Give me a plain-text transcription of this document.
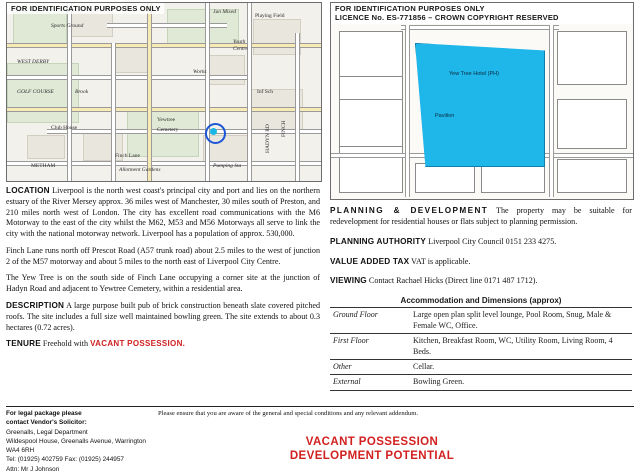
Jun Mixed
Playing Field
Youth
Centre
WEST DERBY
GOLF COURSE
Club House
Yewtree
Cemetery
Brook
Finch Lane
METHAM
Inf Sch
HADYN RD FINCH
Works
Sports Ground
Allotment Gardens
Pumping Sta
FOR IDENTIFICATION PURPOSES ONLY

LOCATION Liverpool is the north west coast's principal city and port and lies on the northern estuary of the River Mersey approx. 36 miles west of Manchester, 30 miles south of Preston, and 210 miles north west of London. The city has excellent road communications with the M6 Motorway to the east of the city whilst the M62, M53 and M56 Motorways all serve to link the city with the national motorway network. Liverpool has a population of approx. 530,000.

Finch Lane runs north off Prescot Road (A57 trunk road) about 2.5 miles to the west of junction 2 of the M57 motorway and about 5 miles to the north east of Liverpool City Centre.

The Yew Tree is on the south side of Finch Lane occupying a corner site at the junction of Hadyn Road and adjacent to Yewtree Cemetery, within a residential area.

DESCRIPTION A large purpose built pub of brick construction beneath slate covered pitched roofs. The site includes a full size well maintained bowling green. The site extends to about 0.3 hectares (0.72 acres).

TENURE Freehold with VACANT POSSESSION.

Yew Tree Hotel (PH)
Pavilion
FOR IDENTIFICATION PURPOSES ONLY
LICENCE No. ES-771856 – CROWN COPYRIGHT RESERVED

PLANNING & DEVELOPMENT The property may be suitable for redevelopment for residential houses or flats subject to planning permission.

PLANNING AUTHORITY Liverpool City Council 0151 233 4275.

VALUE ADDED TAX VAT is applicable.

VIEWING Contact Rachael Hicks (Direct line 0171 487 1712).

Accommodation and Dimensions (approx)
Ground Floor	Large open plan split level lounge, Pool Room, Snug, Male & Female WC, Office.
First Floor	Kitchen, Breakfast Room, WC, Utility Room, Living Room, 4 Beds.
Other	Cellar.
External	Bowling Green.
For legal package please
contact Vendor's Solicitor:
Greenalls, Legal Department
Wildespool House, Greenalls Avenue, Warrington WA4 6RH
Tel: (01925) 402759 Fax: (01925) 244957
Attn: Mr J Johnson
Please ensure that you are aware of the general and special conditions and any relevant addendum.
VACANT POSSESSION
DEVELOPMENT POTENTIAL
